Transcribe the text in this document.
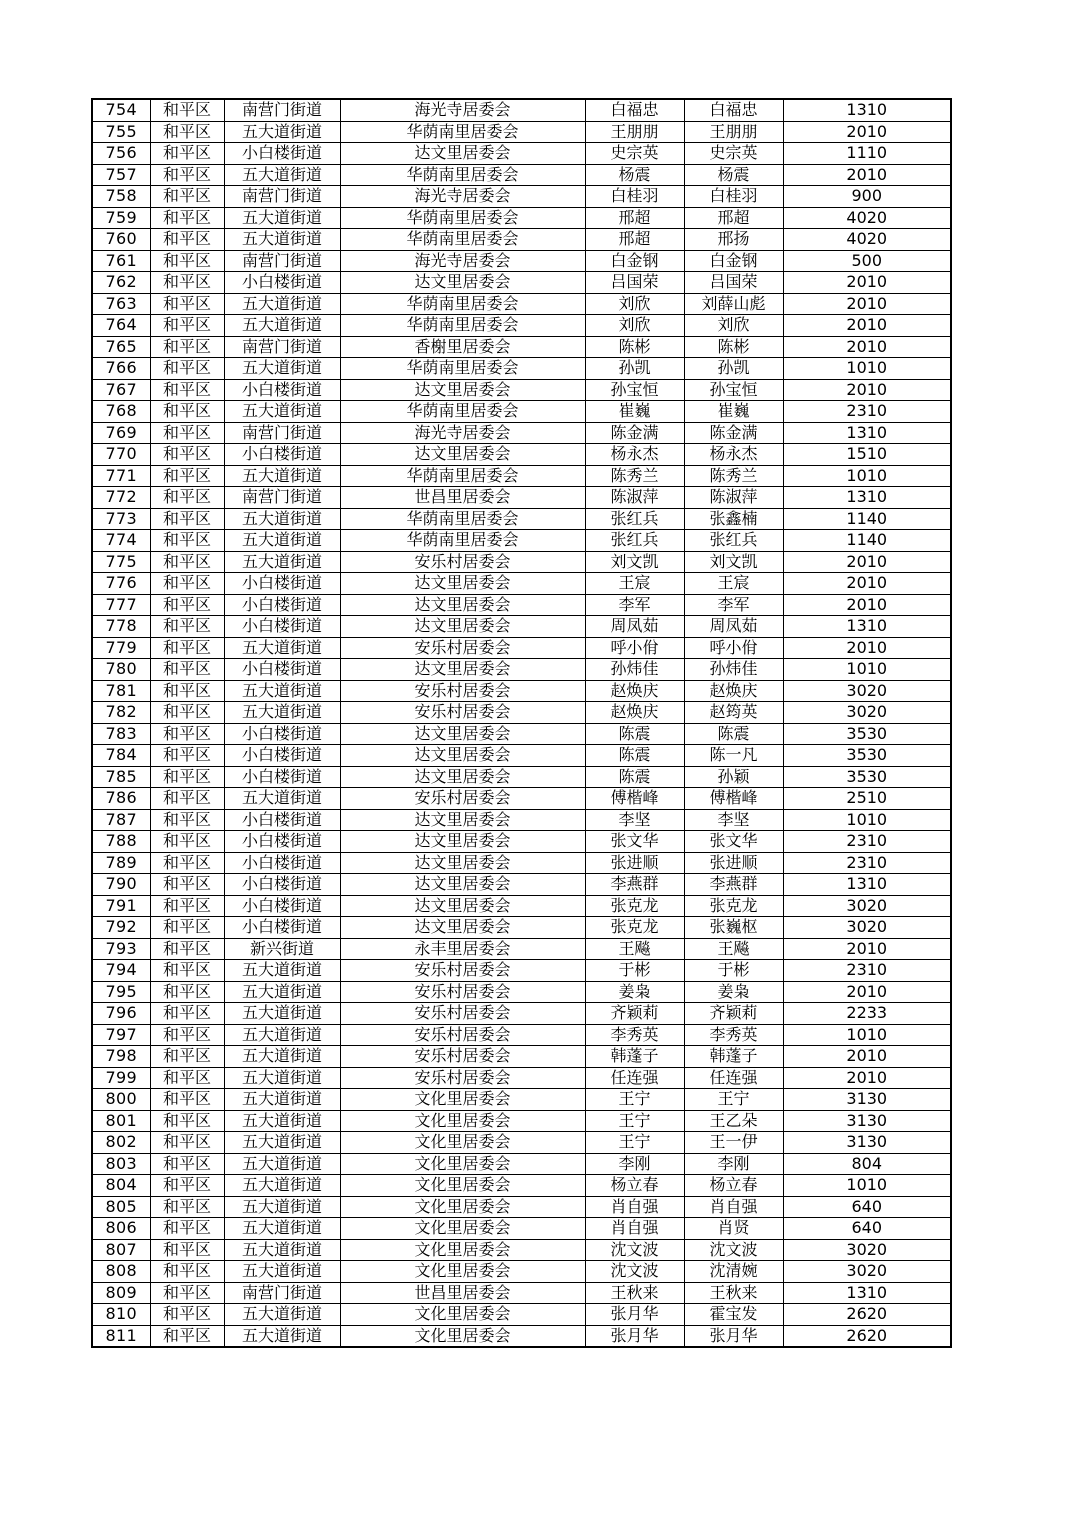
754	和平区	南营门街道	海光寺居委会	白福忠	白福忠	1310
755	和平区	五大道街道	华荫南里居委会	王朋朋	王朋朋	2010
756	和平区	小白楼街道	达文里居委会	史宗英	史宗英	1110
757	和平区	五大道街道	华荫南里居委会	杨震	杨震	2010
758	和平区	南营门街道	海光寺居委会	白桂羽	白桂羽	900
759	和平区	五大道街道	华荫南里居委会	邢超	邢超	4020
760	和平区	五大道街道	华荫南里居委会	邢超	邢扬	4020
761	和平区	南营门街道	海光寺居委会	白金钢	白金钢	500
762	和平区	小白楼街道	达文里居委会	吕国荣	吕国荣	2010
763	和平区	五大道街道	华荫南里居委会	刘欣	刘薛山彪	2010
764	和平区	五大道街道	华荫南里居委会	刘欣	刘欣	2010
765	和平区	南营门街道	香榭里居委会	陈彬	陈彬	2010
766	和平区	五大道街道	华荫南里居委会	孙凯	孙凯	1010
767	和平区	小白楼街道	达文里居委会	孙宝恒	孙宝恒	2010
768	和平区	五大道街道	华荫南里居委会	崔巍	崔巍	2310
769	和平区	南营门街道	海光寺居委会	陈金满	陈金满	1310
770	和平区	小白楼街道	达文里居委会	杨永杰	杨永杰	1510
771	和平区	五大道街道	华荫南里居委会	陈秀兰	陈秀兰	1010
772	和平区	南营门街道	世昌里居委会	陈淑萍	陈淑萍	1310
773	和平区	五大道街道	华荫南里居委会	张红兵	张鑫楠	1140
774	和平区	五大道街道	华荫南里居委会	张红兵	张红兵	1140
775	和平区	五大道街道	安乐村居委会	刘文凯	刘文凯	2010
776	和平区	小白楼街道	达文里居委会	王宸	王宸	2010
777	和平区	小白楼街道	达文里居委会	李军	李军	2010
778	和平区	小白楼街道	达文里居委会	周凤茹	周凤茹	1310
779	和平区	五大道街道	安乐村居委会	呼小佾	呼小佾	2010
780	和平区	小白楼街道	达文里居委会	孙炜佳	孙炜佳	1010
781	和平区	五大道街道	安乐村居委会	赵焕庆	赵焕庆	3020
782	和平区	五大道街道	安乐村居委会	赵焕庆	赵筠英	3020
783	和平区	小白楼街道	达文里居委会	陈震	陈震	3530
784	和平区	小白楼街道	达文里居委会	陈震	陈一凡	3530
785	和平区	小白楼街道	达文里居委会	陈震	孙颖	3530
786	和平区	五大道街道	安乐村居委会	傅楷峰	傅楷峰	2510
787	和平区	小白楼街道	达文里居委会	李坚	李坚	1010
788	和平区	小白楼街道	达文里居委会	张文华	张文华	2310
789	和平区	小白楼街道	达文里居委会	张进顺	张进顺	2310
790	和平区	小白楼街道	达文里居委会	李燕群	李燕群	1310
791	和平区	小白楼街道	达文里居委会	张克龙	张克龙	3020
792	和平区	小白楼街道	达文里居委会	张克龙	张巍枢	3020
793	和平区	新兴街道	永丰里居委会	王飚	王飚	2010
794	和平区	五大道街道	安乐村居委会	于彬	于彬	2310
795	和平区	五大道街道	安乐村居委会	姜枭	姜枭	2010
796	和平区	五大道街道	安乐村居委会	齐颖莉	齐颖莉	2233
797	和平区	五大道街道	安乐村居委会	李秀英	李秀英	1010
798	和平区	五大道街道	安乐村居委会	韩蓬子	韩蓬子	2010
799	和平区	五大道街道	安乐村居委会	任连强	任连强	2010
800	和平区	五大道街道	文化里居委会	王宁	王宁	3130
801	和平区	五大道街道	文化里居委会	王宁	王乙朵	3130
802	和平区	五大道街道	文化里居委会	王宁	王一伊	3130
803	和平区	五大道街道	文化里居委会	李刚	李刚	804
804	和平区	五大道街道	文化里居委会	杨立春	杨立春	1010
805	和平区	五大道街道	文化里居委会	肖自强	肖自强	640
806	和平区	五大道街道	文化里居委会	肖自强	肖贤	640
807	和平区	五大道街道	文化里居委会	沈文波	沈文波	3020
808	和平区	五大道街道	文化里居委会	沈文波	沈清婉	3020
809	和平区	南营门街道	世昌里居委会	王秋来	王秋来	1310
810	和平区	五大道街道	文化里居委会	张月华	霍宝发	2620
811	和平区	五大道街道	文化里居委会	张月华	张月华	2620
